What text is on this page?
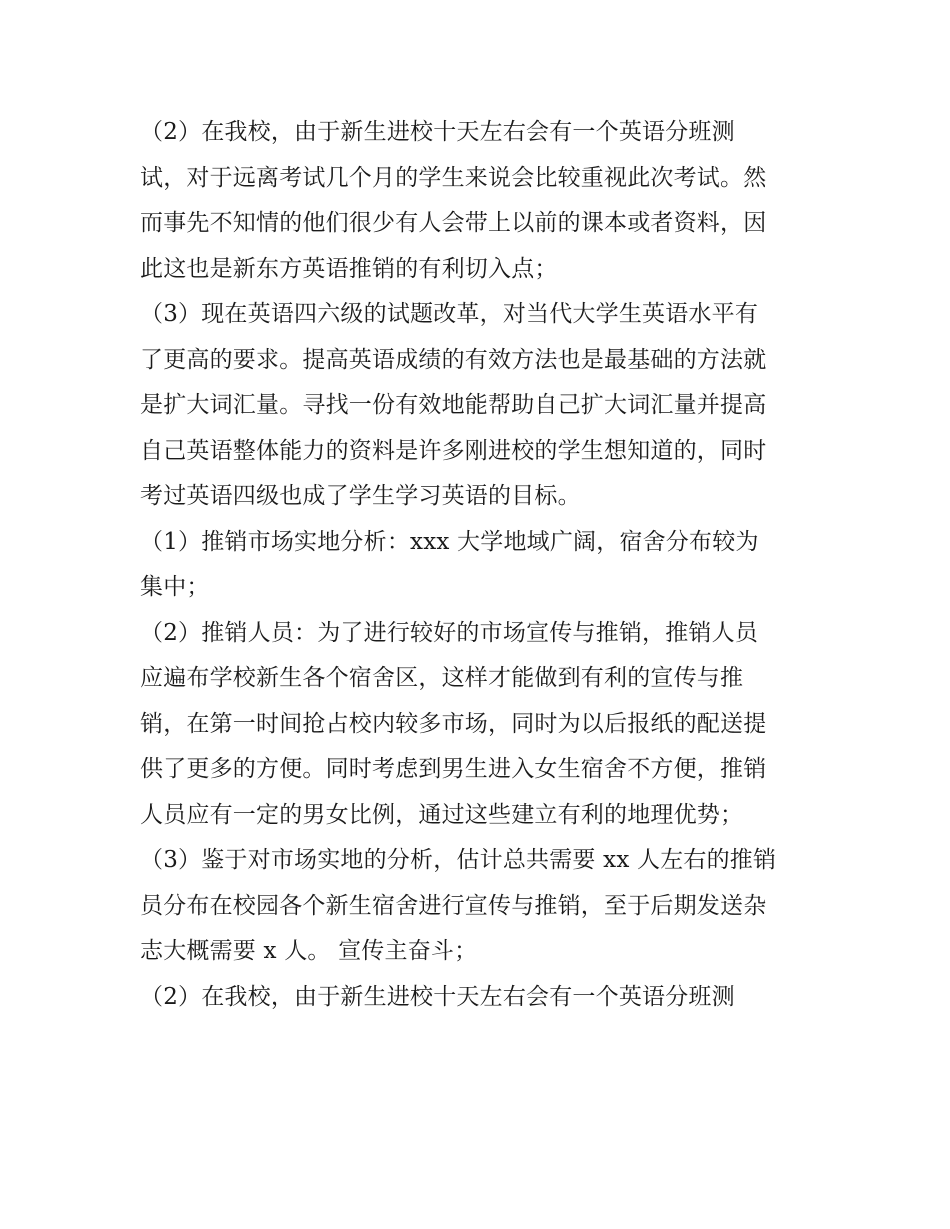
（2）在我校，由于新生进校十天左右会有一个英语分班测
试，对于远离考试几个月的学生来说会比较重视此次考试。然
而事先不知情的他们很少有人会带上以前的课本或者资料，因
此这也是新东方英语推销的有利切入点；
（3）现在英语四六级的试题改革，对当代大学生英语水平有
了更高的要求。提高英语成绩的有效方法也是最基础的方法就
是扩大词汇量。寻找一份有效地能帮助自己扩大词汇量并提高
自己英语整体能力的资料是许多刚进校的学生想知道的，同时
考过英语四级也成了学生学习英语的目标。
（1）推销市场实地分析：xxx 大学地域广阔，宿舍分布较为
集中；
（2）推销人员：为了进行较好的市场宣传与推销，推销人员
应遍布学校新生各个宿舍区，这样才能做到有利的宣传与推
销，在第一时间抢占校内较多市场，同时为以后报纸的配送提
供了更多的方便。同时考虑到男生进入女生宿舍不方便，推销
人员应有一定的男女比例，通过这些建立有利的地理优势；
（3）鉴于对市场实地的分析，估计总共需要 xx 人左右的推销
员分布在校园各个新生宿舍进行宣传与推销，至于后期发送杂
志大概需要 x 人。 宣传主奋斗；
（2）在我校，由于新生进校十天左右会有一个英语分班测
